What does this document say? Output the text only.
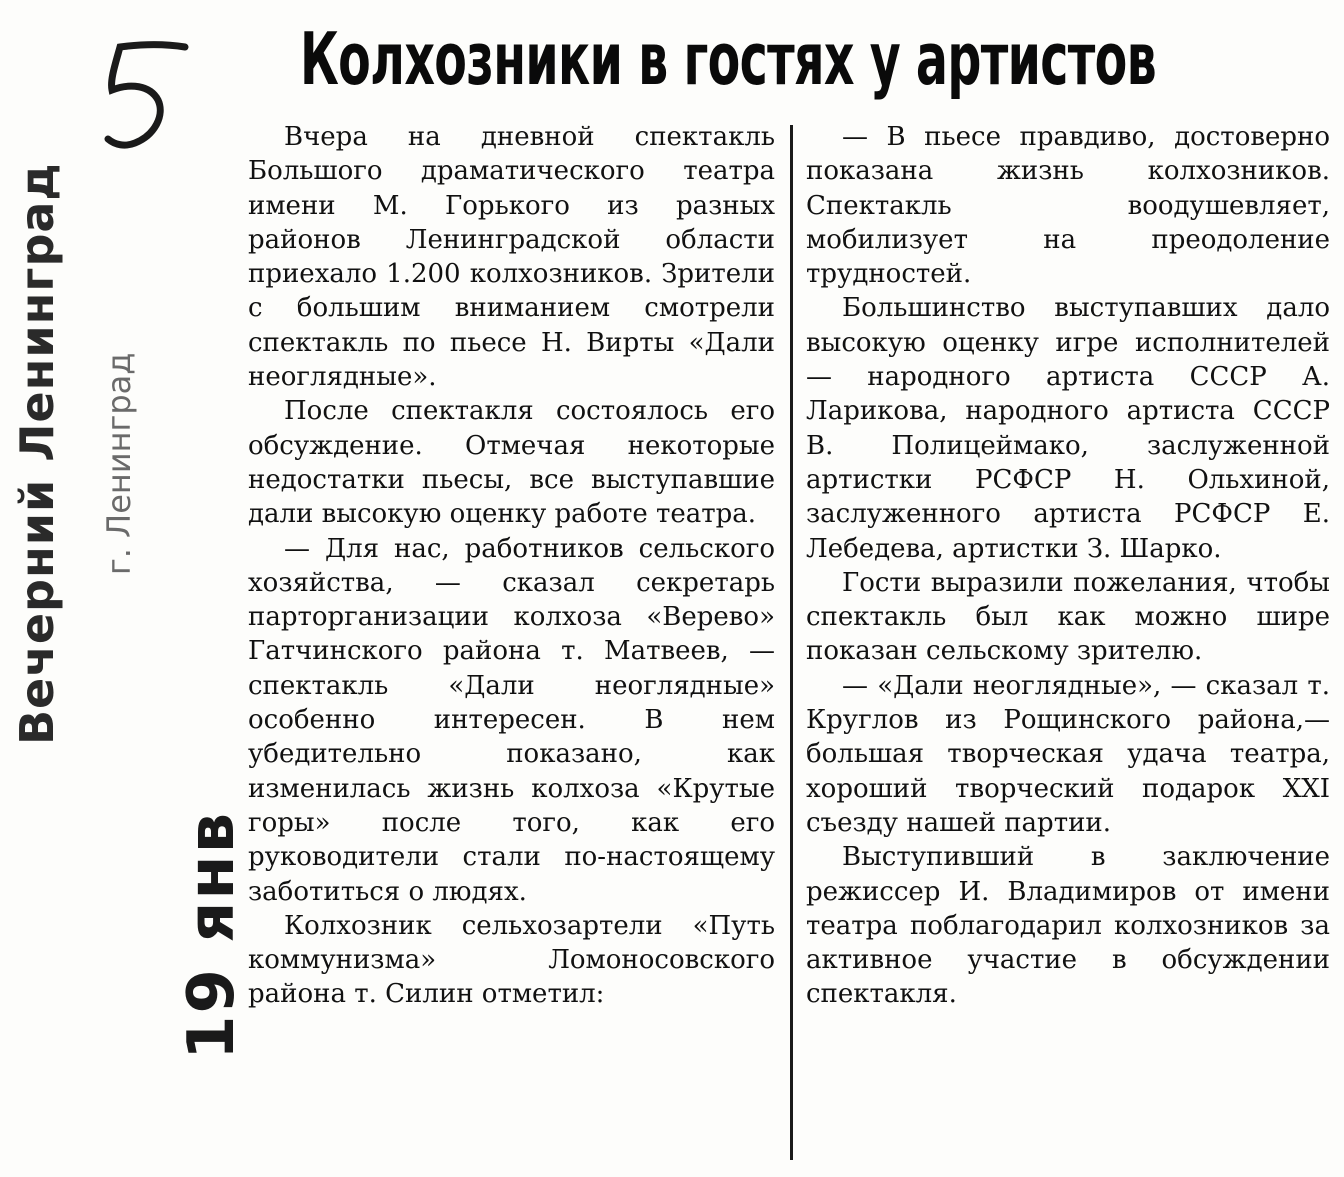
Вечерний Ленинград г. Ленинград
19 янв
Колхозники в гостях у артистов

Вчера на дневной спектакль Большого драматического театра имени М. Горького из разных районов Ленинградской области приехало 1.200 колхозников. Зрители с большим вниманием смотрели спектакль по пьесе Н. Вирты «Дали неоглядные».

После спектакля состоялось его обсуждение. Отмечая некоторые недостатки пьесы, все выступавшие дали высокую оценку работе театра.

— Для нас, работников сельского хозяйства, — сказал секретарь парторганизации колхоза «Верево» Гатчинского района т. Матвеев, — спектакль «Дали неоглядные» особенно интересен. В нем убедительно показано, как изменилась жизнь колхоза «Крутые горы» после того, как его руководители стали по-настоящему заботиться о людях.

Колхозник сельхозартели «Путь коммунизма» Ломоносовского района т. Силин отметил:

— В пьесе правдиво, достоверно показана жизнь колхозников. Спектакль воодушевляет, мобилизует на преодоление трудностей.

Большинство выступавших дало высокую оценку игре исполнителей — народного артиста СССР А. Ларикова, народного артиста СССР В. Полицеймако, заслуженной артистки РСФСР Н. Ольхиной, заслуженного артиста РСФСР Е. Лебедева, артистки З. Шарко.

Гости выразили пожелания, чтобы спектакль был как можно шире показан сельскому зрителю.

— «Дали неоглядные», — сказал т. Круглов из Рощинского района,— большая творческая удача театра, хороший творческий подарок XXI съезду нашей партии.

Выступивший в заключение режиссер И. Владимиров от имени театра поблагодарил колхозников за активное участие в обсуждении спектакля.
